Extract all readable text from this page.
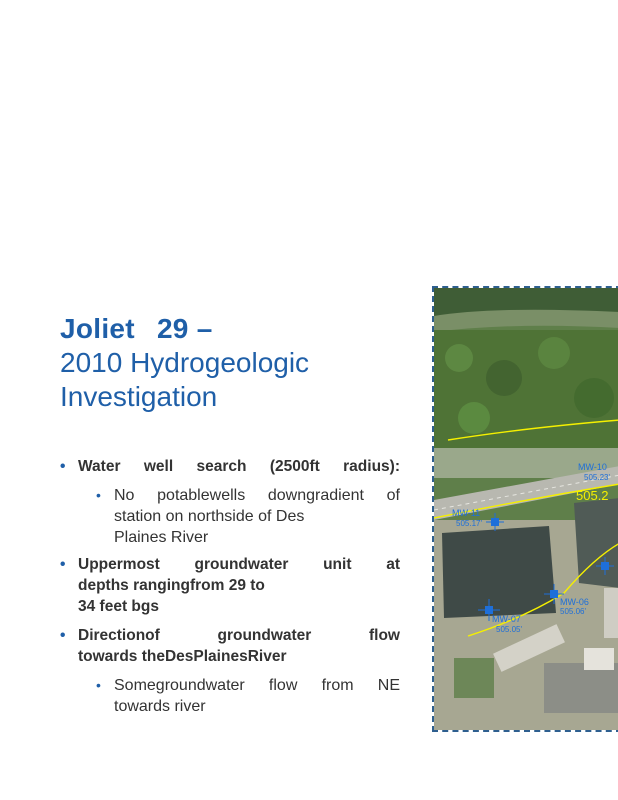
Joliet 29 –
2010 Hydrogeologic
Investigation
• Water well search (2500ft radius):
• No potablewells downgradient of
station on northside of Des
Plaines River
• Uppermost groundwater unit at
depths rangingfrom 29 to
34 feet bgs
• Directionof groundwater flow
towards theDesPlainesRiver
• Somegroundwater flow from NE
towards river
505.2
MW-10
505.23'
MW-11
505.17'
MW-06
505.06'
MW-07
505.05'
